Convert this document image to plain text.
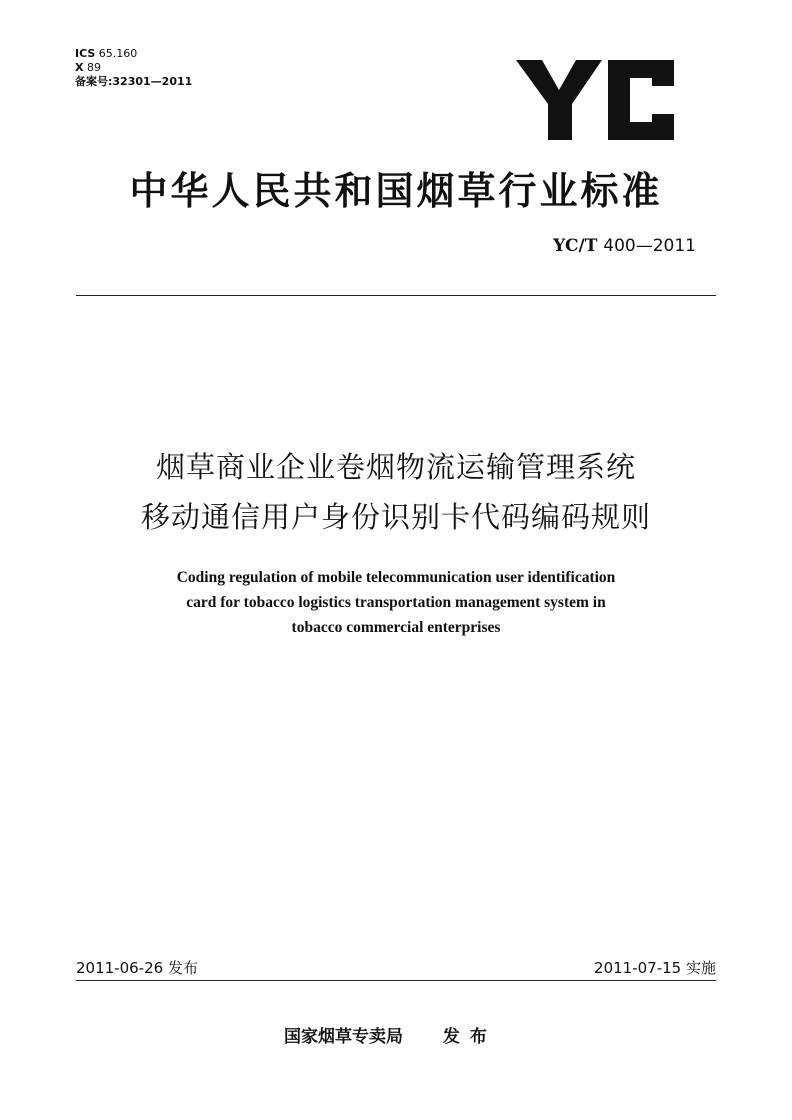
ICS 65.160
X 89
备案号:32301—2011
中华人民共和国烟草行业标准
YC/T 400—2011
烟草商业企业卷烟物流运输管理系统
移动通信用户身份识别卡代码编码规则
Coding regulation of mobile telecommunication user identification
card for tobacco logistics transportation management system in
tobacco commercial enterprises
2011-06-26 发布	2011-07-15 实施
国家烟草专卖局 发布
